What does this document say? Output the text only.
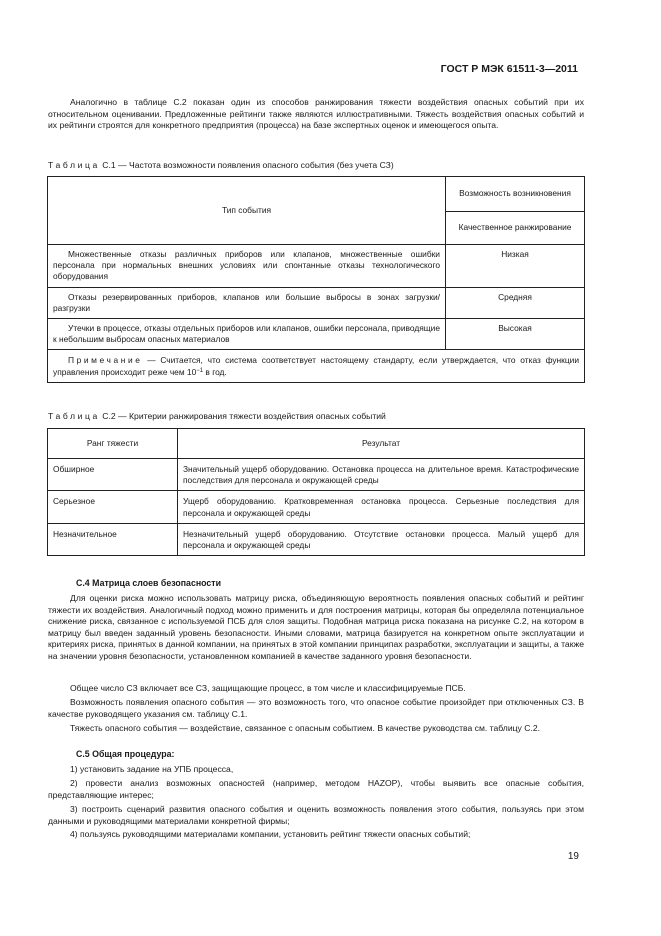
ГОСТ Р МЭК 61511-3—2011
Аналогично в таблице С.2 показан один из способов ранжирования тяжести воздействия опасных событий при их относительном оценивании. Предложенные рейтинги также являются иллюстративными. Тяжесть воздействия опасных событий и их рейтинги строятся для конкретного предприятия (процесса) на базе экспертных оценок и имеющегося опыта.
Таблица С.1 — Частота возможности появления опасного события (без учета СЗ)
Тип события	Возможность возникновения
	Качественное ранжирование
Множественные отказы различных приборов или клапанов, множественные ошибки персонала при нормальных внешних условиях или спонтанные отказы технологического оборудования	Низкая
Отказы резервированных приборов, клапанов или большие выбросы в зонах загрузки/разгрузки	Средняя
Утечки в процессе, отказы отдельных приборов или клапанов, ошибки персонала, приводящие к небольшим выбросам опасных материалов	Высокая
Примечание — Считается, что система соответствует настоящему стандарту, если утверждается, что отказ функции управления происходит реже чем $10^{-1}$ в год.	
Таблица С.2 — Критерии ранжирования тяжести воздействия опасных событий
Ранг тяжести	Результат
Обширное	Значительный ущерб оборудованию. Остановка процесса на длительное время. Катастрофические последствия для персонала и окружающей среды
Серьезное	Ущерб оборудованию. Кратковременная остановка процесса. Серьезные последствия для персонала и окружающей среды
Незначительное	Незначительный ущерб оборудованию. Отсутствие остановки процесса. Малый ущерб для персонала и окружающей среды
С.4 Матрица слоев безопасности
Для оценки риска можно использовать матрицу риска, объединяющую вероятность появления опасных событий и рейтинг тяжести их воздействия. Аналогичный подход можно применить и для построения матрицы, которая бы определяла потенциальное снижение риска, связанное с используемой ПСБ для слоя защиты. Подобная матрица риска показана на рисунке С.2, на котором в матрицу был введен заданный уровень безопасности. Иными словами, матрица базируется на конкретном опыте эксплуатации и критериях риска, принятых в данной компании, на принятых в этой компании принципах разработки, эксплуатации и защиты, а также на значении уровня безопасности, установленном компанией в качестве заданного уровня безопасности.
Общее число СЗ включает все СЗ, защищающие процесс, в том числе и классифицируемые ПСБ.
Возможность появления опасного события — это возможность того, что опасное событие произойдет при отключенных СЗ. В качестве руководящего указания см. таблицу С.1.
Тяжесть опасного события — воздействие, связанное с опасным событием. В качестве руководства см. таблицу С.2.
С.5 Общая процедура:
1) установить задание на УПБ процесса,
2) провести анализ возможных опасностей (например, методом HAZOP), чтобы выявить все опасные события, представляющие интерес;
3) построить сценарий развития опасного события и оценить возможность появления этого события, пользуясь при этом данными и руководящими материалами конкретной фирмы;
4) пользуясь руководящими материалами компании, установить рейтинг тяжести опасных событий;
19
